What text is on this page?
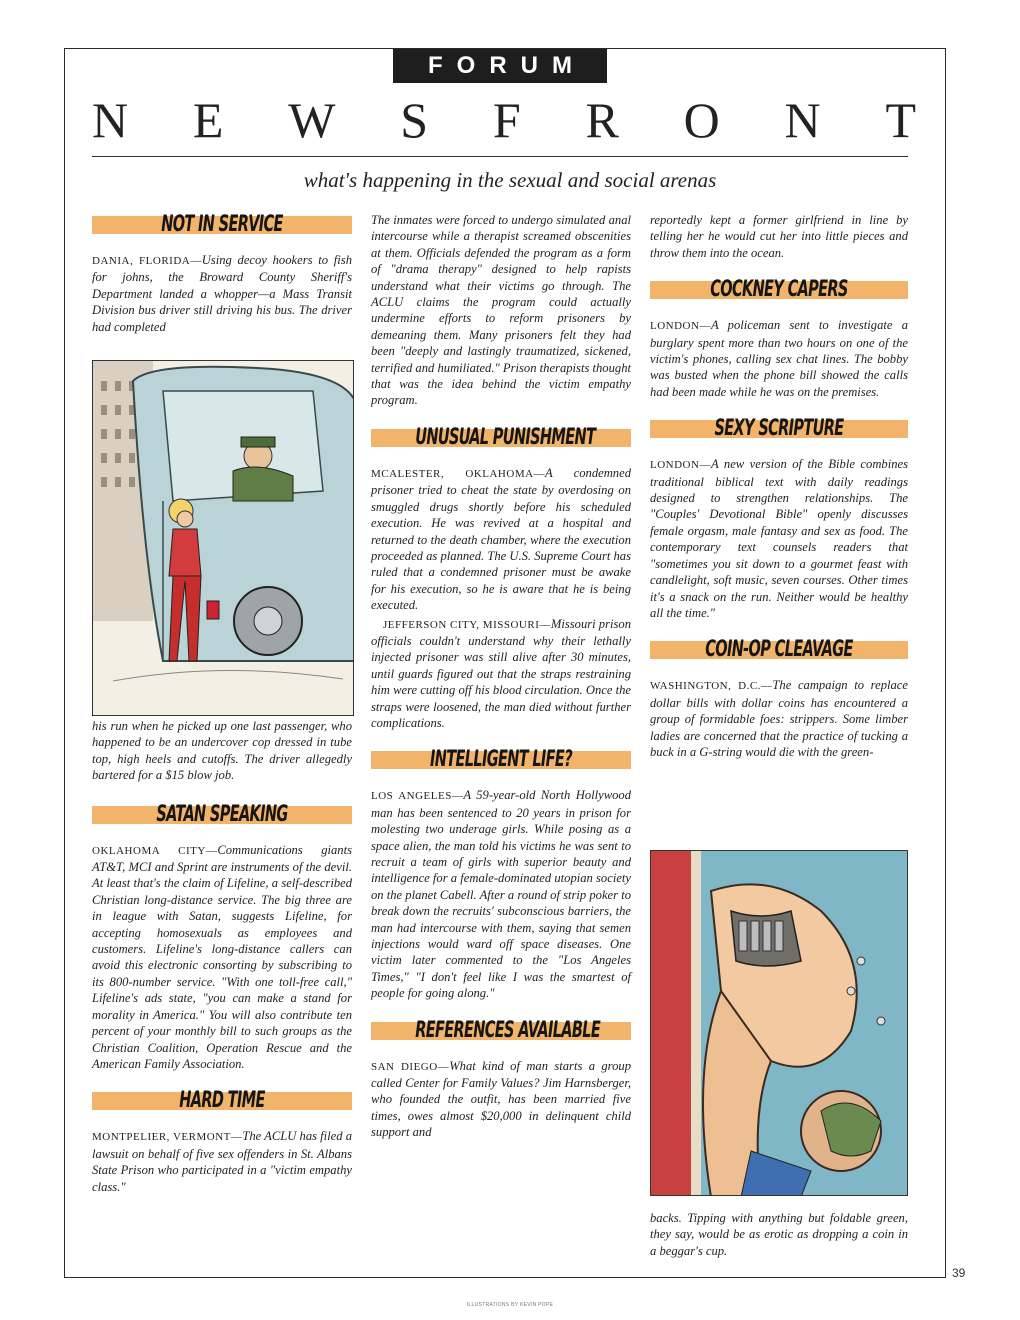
F O R U M
N E W S F R O N T
what's happening in the sexual and social arenas
NOT IN SERVICE

DANIA, FLORIDA—Using decoy hookers to fish for johns, the Broward County Sheriff's Department landed a whopper—a Mass Transit Division bus driver still driving his bus. The driver had completed

his run when he picked up one last passenger, who happened to be an undercover cop dressed in tube top, high heels and cutoffs. The driver allegedly bartered for a $15 blow job.

SATAN SPEAKING

OKLAHOMA CITY—Communications giants AT&T, MCI and Sprint are instruments of the devil. At least that's the claim of Lifeline, a self-described Christian long-distance service. The big three are in league with Satan, suggests Lifeline, for accepting homosexuals as employees and customers. Lifeline's long-distance callers can avoid this electronic consorting by subscribing to its 800-number service. "With one toll-free call," Lifeline's ads state, "you can make a stand for morality in America." You will also contribute ten percent of your monthly bill to such groups as the Christian Coalition, Operation Rescue and the American Family Association.

HARD TIME

MONTPELIER, VERMONT—The ACLU has filed a lawsuit on behalf of five sex offenders in St. Albans State Prison who participated in a "victim empathy class."

The inmates were forced to undergo simulated anal intercourse while a therapist screamed obscenities at them. Officials defended the program as a form of "drama therapy" designed to help rapists understand what their victims go through. The ACLU claims the program could actually undermine efforts to reform prisoners by demeaning them. Many prisoners felt they had been "deeply and lastingly traumatized, sickened, terrified and humiliated." Prison therapists thought that was the idea behind the victim empathy program.

UNUSUAL PUNISHMENT

MCALESTER, OKLAHOMA—A condemned prisoner tried to cheat the state by overdosing on smuggled drugs shortly before his scheduled execution. He was revived at a hospital and returned to the death chamber, where the execution proceeded as planned. The U.S. Supreme Court has ruled that a condemned prisoner must be awake for his execution, so he is aware that he is being executed.

JEFFERSON CITY, MISSOURI—Missouri prison officials couldn't understand why their lethally injected prisoner was still alive after 30 minutes, until guards figured out that the straps restraining him were cutting off his blood circulation. Once the straps were loosened, the man died without further complications.

INTELLIGENT LIFE?

LOS ANGELES—A 59-year-old North Hollywood man has been sentenced to 20 years in prison for molesting two underage girls. While posing as a space alien, the man told his victims he was sent to recruit a team of girls with superior beauty and intelligence for a female-dominated utopian society on the planet Cabell. After a round of strip poker to break down the recruits' subconscious barriers, the man had intercourse with them, saying that semen injections would ward off space diseases. One victim later commented to the "Los Angeles Times," "I don't feel like I was the smartest of people for going along."

REFERENCES AVAILABLE

SAN DIEGO—What kind of man starts a group called Center for Family Values? Jim Harnsberger, who founded the outfit, has been married five times, owes almost $20,000 in delinquent child support and

reportedly kept a former girlfriend in line by telling her he would cut her into little pieces and throw them into the ocean.

COCKNEY CAPERS

LONDON—A policeman sent to investigate a burglary spent more than two hours on one of the victim's phones, calling sex chat lines. The bobby was busted when the phone bill showed the calls had been made while he was on the premises.

SEXY SCRIPTURE

LONDON—A new version of the Bible combines traditional biblical text with daily readings designed to strengthen relationships. The "Couples' Devotional Bible" openly discusses female orgasm, male fantasy and sex as food. The contemporary text counsels readers that "sometimes you sit down to a gourmet feast with candlelight, soft music, seven courses. Other times it's a snack on the run. Neither would be healthy all the time."

COIN-OP CLEAVAGE

WASHINGTON, D.C.—The campaign to replace dollar bills with dollar coins has encountered a group of formidable foes: strippers. Some limber ladies are concerned that the practice of tucking a buck in a G-string would die with the green-

backs. Tipping with anything but foldable green, they say, would be as erotic as dropping a coin in a beggar's cup.

39
ILLUSTRATIONS BY KEVIN POPE
